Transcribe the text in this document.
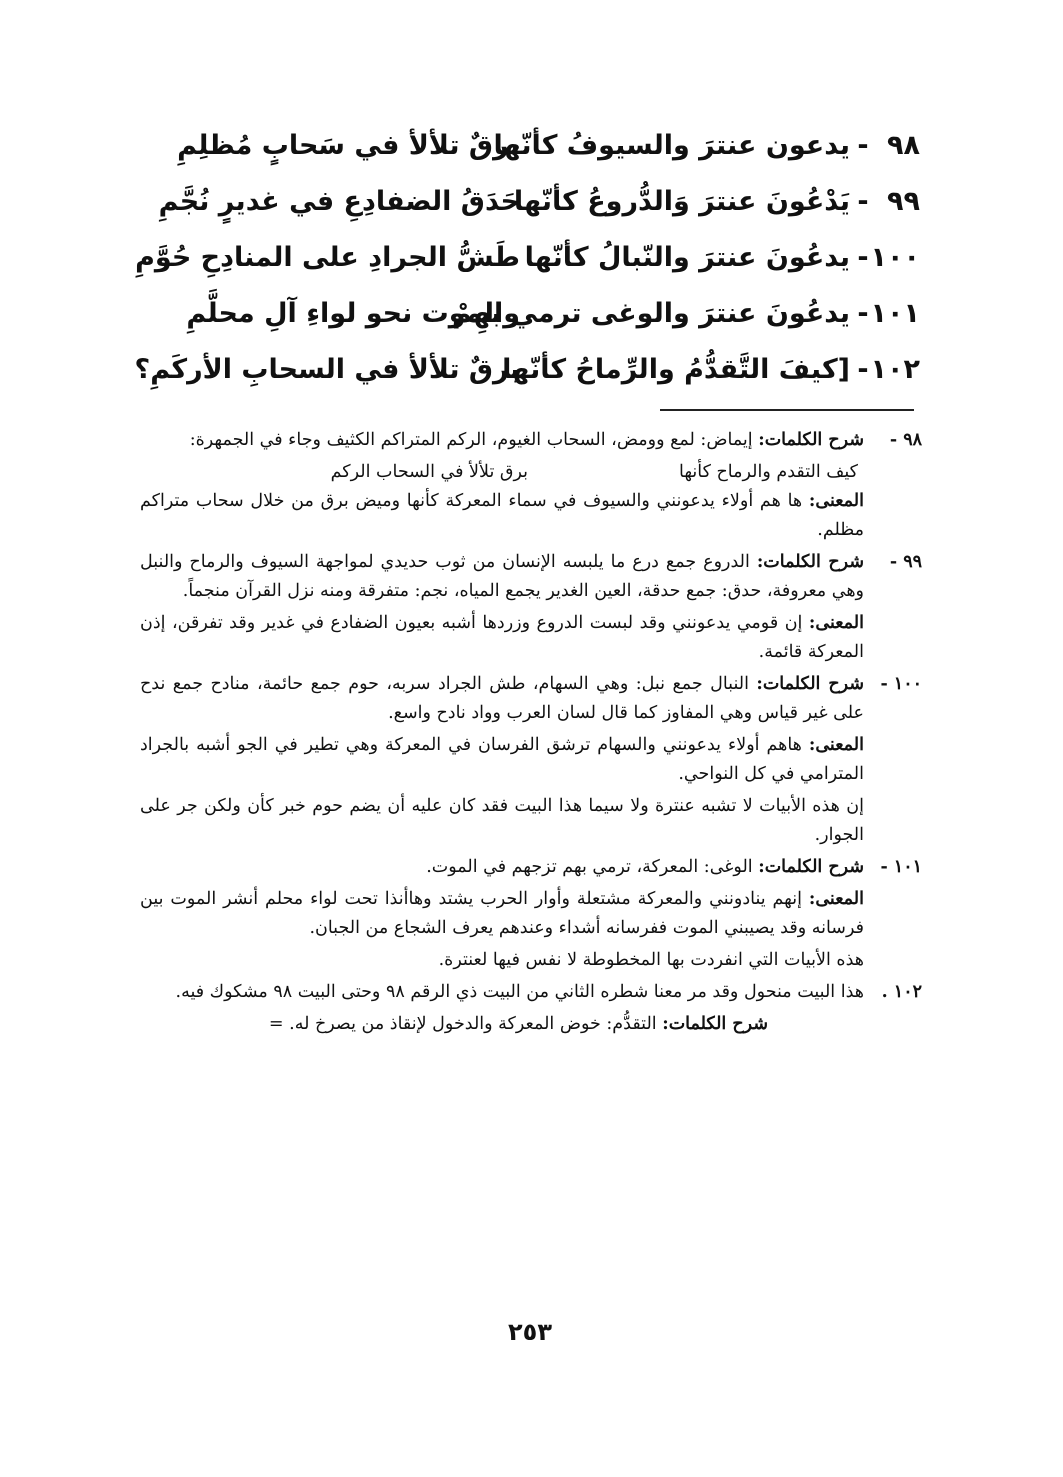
٩٨
-
يدعون عنترَ والسيوفُ كأنّها
برقٌ تلألأ في سَحابٍ مُظلِمِ
٩٩
-
يَدْعُونَ عنترَ وَالدُّروعُ كأنّها
حَدَقُ الضفادِعِ في غديرٍ نُجَّمِ
١٠٠
-
يدعُونَ عنترَ والنّبالُ كأنّها
طَشُّ الجرادِ على المنادِحِ حُوَّمِ
١٠١
-
يدعُونَ عنترَ والوغى ترمي بهِمْ
والموت نحو لواءِ آلِ محلَّمِ
١٠٢
-
[كيفَ التَّقدُّمُ والرِّماحُ كأنّها
برقٌ تلألأ في السحابِ الأركَمِ؟
٩٨ -

شرح الكلمات: إيماض: لمع وومض، السحاب الغيوم، الركم المتراكم الكثيف وجاء في الجمهرة:

كيف التقدم والرماح كأنها
برق تلألأ في السحاب الركم

المعنى: ها هم أولاء يدعونني والسيوف في سماء المعركة كأنها وميض برق من خلال سحاب متراكم مظلم.

٩٩ -

شرح الكلمات: الدروع جمع درع ما يلبسه الإنسان من ثوب حديدي لمواجهة السيوف والرماح والنبل وهي معروفة، حدق: جمع حدقة، العين الغدير يجمع المياه، نجم: متفرقة ومنه نزل القرآن منجماً.

المعنى: إن قومي يدعونني وقد لبست الدروع وزردها أشبه بعيون الضفادع في غدير وقد تفرقن، إذن المعركة قائمة.

١٠٠ -

شرح الكلمات: النبال جمع نبل: وهي السهام، طش الجراد سربه، حوم جمع حائمة، منادح جمع ندح على غير قياس وهي المفاوز كما قال لسان العرب وواد نادح واسع.

المعنى: هاهم أولاء يدعونني والسهام ترشق الفرسان في المعركة وهي تطير في الجو أشبه بالجراد المترامي في كل النواحي.

إن هذه الأبيات لا تشبه عنترة ولا سيما هذا البيت فقد كان عليه أن يضم حوم خبر كأن ولكن جر على الجوار.

١٠١ -

شرح الكلمات: الوغى: المعركة، ترمي بهم تزجهم في الموت.

المعنى: إنهم ينادونني والمعركة مشتعلة وأوار الحرب يشتد وهاأنذا تحت لواء محلم أنشر الموت بين فرسانه وقد يصيبني الموت ففرسانه أشداء وعندهم يعرف الشجاع من الجبان.

هذه الأبيات التي انفردت بها المخطوطة لا نفس فيها لعنترة.

١٠٢ .

هذا البيت منحول وقد مر معنا شطره الثاني من البيت ذي الرقم ٩٨ وحتى البيت ٩٨ مشكوك فيه.

شرح الكلمات: التقدُّم: خوض المعركة والدخول لإنقاذ من يصرخ له. =

٢٥٣
